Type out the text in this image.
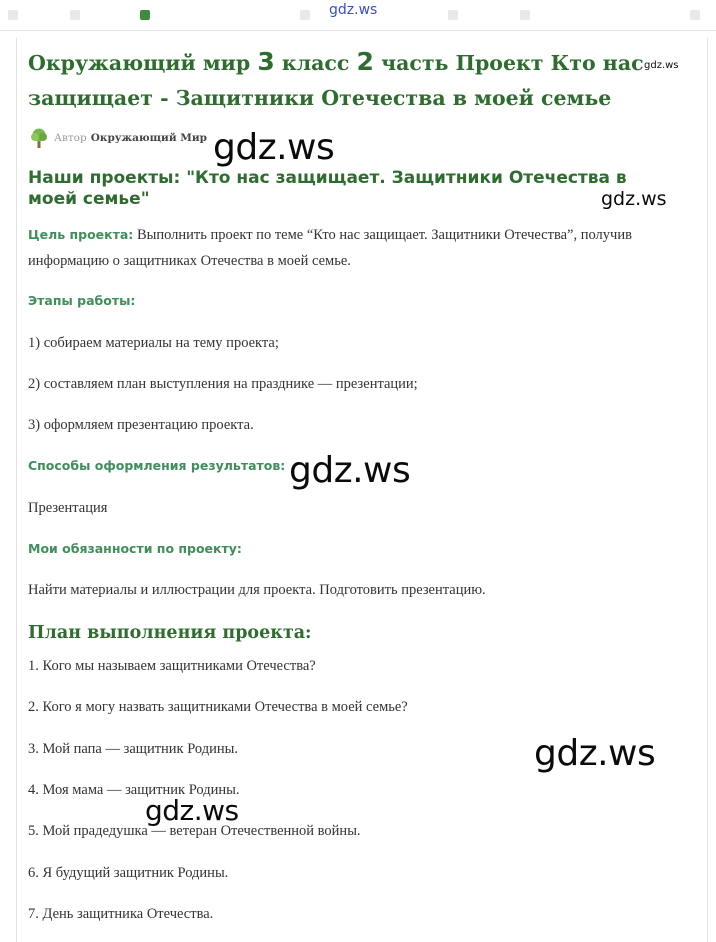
gdz.ws
Окружающий мир 3 класс 2 часть Проект Кто нас защищает - Защитники Отечества в моей семье
Автор Окружающий Мир
Наши проекты: "Кто нас защищает. Защитники Отечества в моей семье"

Цель проекта: Выполнить проект по теме “Кто нас защищает. Защитники Отечества”, получив информацию о защитниках Отечества в моей семье.

Этапы работы:

1) собираем материалы на тему проекта;

2) составляем план выступления на празднике — презентации;

3) оформляем презентацию проекта.

Способы оформления результатов:

Презентация

Мои обязанности по проекту:

Найти материалы и иллюстрации для проекта. Подготовить презентацию.

План выполнения проекта:

1. Кого мы называем защитниками Отечества?

2. Кого я могу назвать защитниками Отечества в моей семье?

3. Мой папа — защитник Родины.

4. Моя мама — защитник Родины.

5. Мой прадедушка — ветеран Отечественной войны.

6. Я будущий защитник Родины.

7. День защитника Отечества.

gdz.ws
gdz.ws
gdz.ws
gdz.ws
gdz.ws
gdz.ws
